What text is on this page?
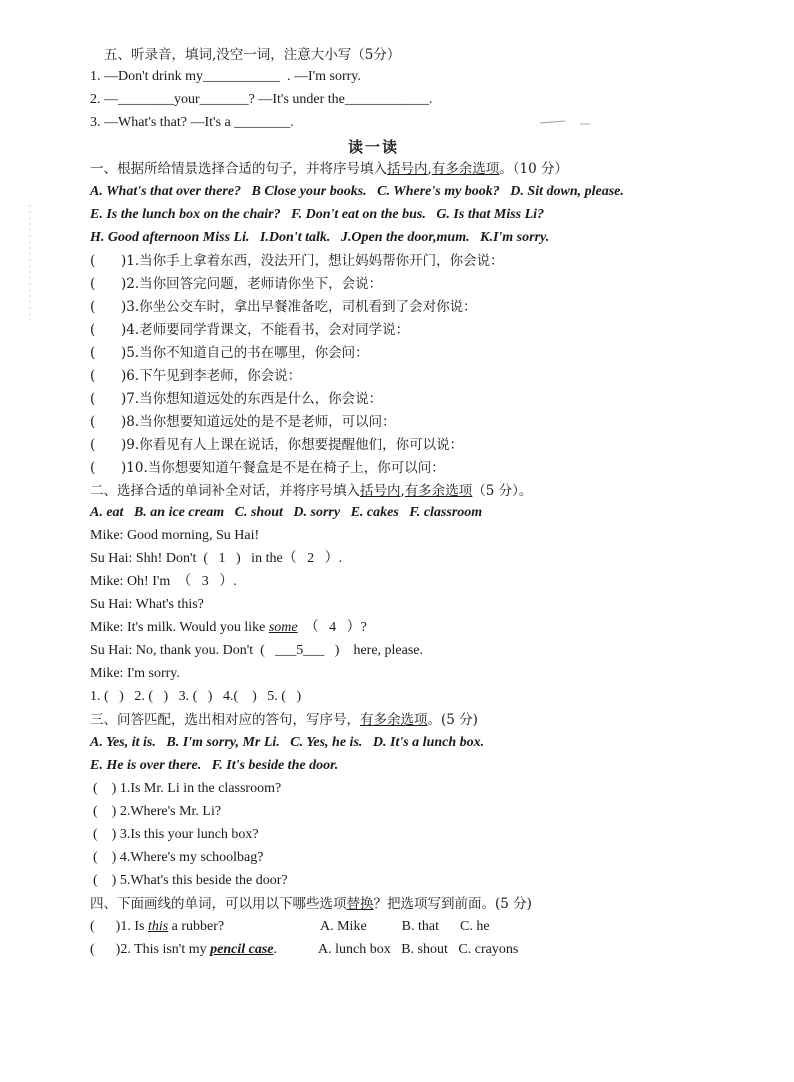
五、听录音，填词,没空一词，注意大小写（5分）
1. —Don't drink my___________  . —I'm sorry.
2. —________your_______? —It's under the____________.
3. —What's that? —It's a ________.
读一读
一、根据所给情景选择合适的句子，并将序号填入括号内,有多余选项。（10 分）
A. What's that over there?   B Close your books.   C. Where's my book?   D. Sit down, please.
E. Is the lunch box on the chair?   F. Don't eat on the bus.   G. Is that Miss Li?
H. Good afternoon Miss Li.   I.Don't talk.   J.Open the door,mum.   K.I'm sorry.
(      )1.当你手上拿着东西，没法开门，想让妈妈帮你开门，你会说：
(      )2.当你回答完问题，老师请你坐下，会说：
(      )3.你坐公交车时，拿出早餐准备吃，司机看到了会对你说：
(      )4.老师要同学背课文，不能看书，会对同学说：
(      )5.当你不知道自己的书在哪里，你会问：
(      )6.下午见到李老师，你会说：
(      )7.当你想知道远处的东西是什么，你会说：
(      )8.当你想要知道远处的是不是老师，可以问：
(      )9.你看见有人上课在说话，你想要提醒他们，你可以说：
(      )10.当你想要知道午餐盒是不是在椅子上，你可以问：
二、选择合适的单词补全对话，并将序号填入括号内,有多余选项（5 分）。
A. eat   B. an ice cream   C. shout   D. sorry   E. cakes   F. classroom
Mike: Good morning, Su Hai!
Su Hai: Shh! Don't  (   1   )   in the（   2   ）.
Mike: Oh! I'm  （   3   ）.
Su Hai: What's this?
Mike: It's milk. Would you like some  （   4   ）?
Su Hai: No, thank you. Don't  (   ___5___   )    here, please.
Mike: I'm sorry.
1. (   )   2. (   )   3. (   )   4.(    )   5. (   )
三、问答匹配，选出相对应的答句，写序号，有多余选项。(5 分)
A. Yes, it is.   B. I'm sorry, Mr Li.   C. Yes, he is.   D. It's a lunch box.
E. He is over there.   F. It's beside the door.
(    ) 1.Is Mr. Li in the classroom?
(    ) 2.Where's Mr. Li?
(    ) 3.Is this your lunch box?
(    ) 4.Where's my schoolbag?
(    ) 5.What's this beside the door?
四、下面画线的单词，可以用以下哪些选项替换？把选项写到前面。(5 分)
(      )1. Is this a rubber?	A. Mike          B. that      C. he
(      )2. This isn't my pencil case.	A. lunch box   B. shout   C. crayons
